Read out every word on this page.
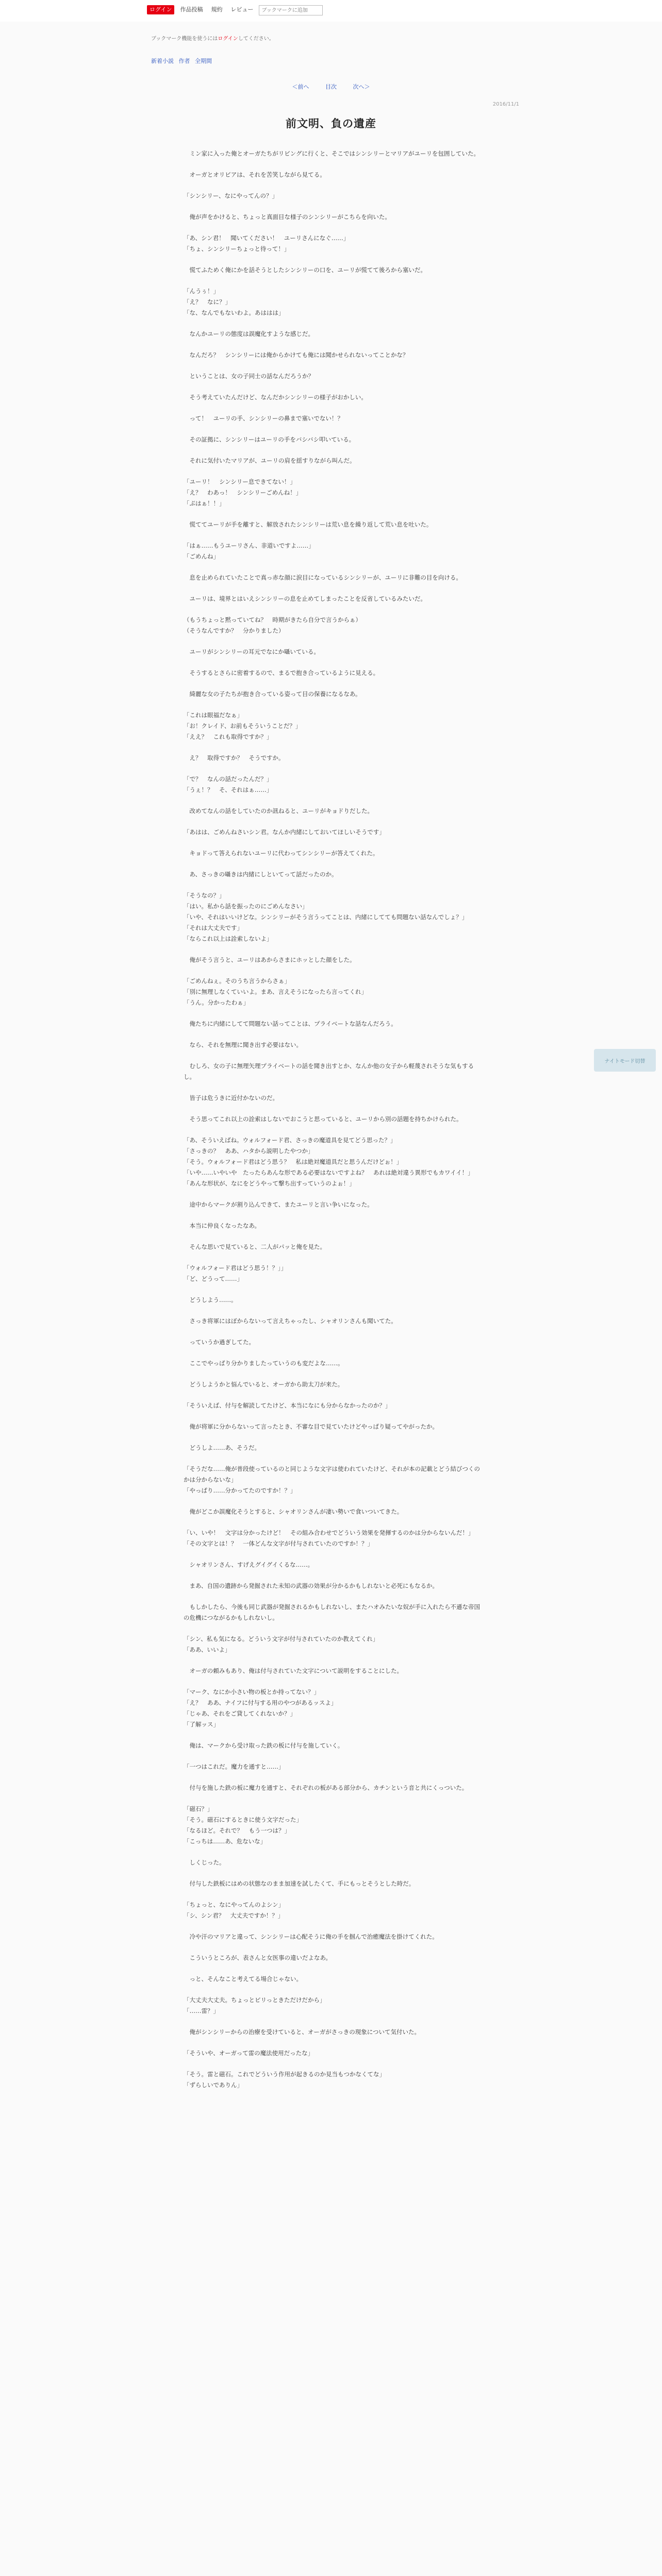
ログイン	作品投稿	規約	レビュー
ブックマークに追加
ブックマーク機能を使うにはログインしてください。
新着小説 作者 全期間
＜前へ	目次	次へ＞
2016/11/1
前文明、負の遺産
　ミン家に入った俺とオーガたちがリビングに行くと、そこではシンシリーとマリアがユーリを包囲していた。
　オーガとオリビアは、それを苦笑しながら見てる。
「シンシリー、なにやってんの？」
　俺が声をかけると、ちょっと真面目な様子のシンシリーがこちらを向いた。
「あ、シン君！　聞いてください！　ユーリさんになぐ……」
「ちょ、シンシリーちょっと待って！」
　慌てふためく俺にかを話そうとしたシンシリーの口を、ユーリが慌てて後ろから塞いだ。
「んうぅ！」
「え？　なに？」
「な、なんでもないわよ。あははは」
　なんかユーリの態度は誤魔化すような感じだ。
　なんだろ？　シンシリーには俺からかけても俺には聞かせられないってことかな？
　ということは、女の子同士の話なんだろうか？
　そう考えていたんだけど、なんだかシンシリーの様子がおかしい。
　って！　ユーリの手、シンシリーの鼻まで塞いでない！？
　その証拠に、シンシリーはユーリの手をバシバシ叩いている。
　それに気付いたマリアが、ユーリの肩を揺すりながら叫んだ。
「ユーリ！　シンシリー息できてない！」
「え？　わあっ！　シンシリーごめんね！」
「ぷはぁ！！」
　慌ててユーリが手を離すと、解放されたシンシリーは荒い息を繰り返して荒い息を吐いた。
「はぁ……もうユーリさん、非道いですよ……」
「ごめんね」
　息を止められていたことで真っ赤な顔に涙目になっているシンシリーが、ユーリに非難の目を向ける。
　ユーリは、境界とはいえシンシリーの息を止めてしまったことを反省しているみたいだ。
（もうちょっと黙っていてね？　時期がきたら自分で言うからぁ）
（そうなんですか？　分かりました）
　ユーリがシンシリーの耳元でなにか囁いている。
　そうするとさらに密着するので、まるで抱き合っているように見える。
　綺麗な女の子たちが抱き合っている姿って目の保養になるなあ。
「これは眼福だなぁ」
「お！クレイド、お前もそういうことだ？」
「ええ？　これも取得ですか？」
　え？　取得ですか？　そうですか。
「で？　なんの話だったんだ？」
「うぇ！？　そ、それはぁ……」
　改めてなんの話をしていたのか訊ねると、ユーリがキョドりだした。
「あはは、ごめんねさいシン君。なんか内緒にしておいてほしいそうです」
　キョドって答えられないユーリに代わってシンシリーが答えてくれた。
　あ、さっきの囁きは内緒にしといてって話だったのか。
「そうなの？」
「はい。私から話を振ったのにごめんなさい」
「いや、それはいいけどな。シンシリーがそう言うってことは、内緒にしてても問題ない話なんでしょ？」
「それは大丈夫です」
「ならこれ以上は詮索しないよ」
　俺がそう言うと、ユーリはあからさまにホッとした顔をした。
「ごめんねぇ。そのうち言うからさぁ」
「別に無理しなくていいよ。まあ、言えそうになったら言ってくれ」
「うん。分かったわぁ」
　俺たちに内緒にしてて問題ない話ってことは、プライベートな話なんだろう。
　なら、それを無理に聞き出す必要はない。
　むしろ、女の子に無理矢理プライベートの話を聞き出すとか、なんか他の女子から軽蔑されそうな気もするし。
　皆子は危うきに近付かないのだ。
　そう思ってこれ以上の詮索はしないでおこうと思っていると、ユーリから別の話題を持ちかけられた。
「あ、そういえばね。ウォルフォード君、さっきの魔道具を見てどう思った？」
「さっきの？　ああ、ハタから説明したやつか」
「そう。ウォルフォード君はどう思う？　私は絶対魔道具だと思うんだけどぉ！」
「いや……いやいや　たったらあんな形である必要はないですよね？　あれは絶対違う異形でもカワイイ！」
「あんな形状が、なにをどうやって撃ち出すっていうのよぉ！」
　途中からマークが割り込んできて、またユーリと言い争いになった。
　本当に仲良くなったなあ。
　そんな思いで見ていると、二人がパッと俺を見た。
「ウォルフォード君はどう思う！？」」
「ど、どうって……」
　どうしよう……。
　さっき将軍にはぼからないって言えちゃったし、シャオリンさんも聞いてた。
　っていうか過ぎしてた。
　ここでやっぱり分かりましたっていうのも変だよな……。
　どうしようかと悩んでいると、オーガから助太刀が来た。
「そういえば、付与を解読してたけど、本当になにも分からなかったのか？」
　俺が将軍に分からないって言ったとき、不審な目で見ていたけどやっぱり疑ってやがったか。
　どうしよ……あ、そうだ。
「そうだな……俺が普段使っているのと同じような文字は使われていたけど、それが本の記載とどう結びつくのかは分からないな」
「やっぱり……分かってたのですか！？」
　俺がどこか誤魔化そうとすると、シャオリンさんが凄い勢いで食いついてきた。
「い、いや！　文字は分かったけど！　その組み合わせでどういう効果を発揮するのかは分からないんだ！」
「その文字とは！？　一体どんな文字が付与されていたのですか！？」
　シャオリンさん、すげえグイグイくるな……。
　まあ、自国の遺跡から発掘された未知の武器の効果が分かるかもしれないと必死にもなるか。
　もしかしたら、今後も同じ武器が発掘されるかもしれないし、またハオみたいな奴が手に入れたら不遜な帝国の危機につながるかもしれないし。
「シン、私も気になる。どういう文字が付与されていたのか教えてくれ」
「ああ、いいよ」
　オーガの頼みもあり、俺は付与されていた文字について説明をすることにした。
「マーク、なにか小さい物の板とか持ってない？」
「え？　ああ、ナイフに付与する用のやつがあるッスよ」
「じゃあ、それをご貸してくれないか？」
「了解ッス」
　俺は、マークから受け取った鉄の板に付与を施していく。
「一つはこれだ。魔力を通すと……」
　付与を施した鉄の板に魔力を通すと、それぞれの板がある部分から、カチンという音と共にくっついた。
「磁石？」
「そう。磁石にするときに使う文字だった」
「なるほど。それで？　もう一つは？」
「こっちは……あ、危ないな」
　しくじった。
　付与した鉄板にはめの状態なのまま加速を試したくて、手にもっとそうとした時だ。
「ちょっと、なにやってんのよシン」
「シ、シン君？　大丈夫ですか！？」
　冷や汗のマリアと違って、シンシリーは心配そうに俺の手を掴んで治癒魔法を掛けてくれた。
　こういうところが、表さんと女医事の違いだよなあ。
　っと、そんなこと考えてる場合じゃない。
「大丈夫大丈夫。ちょっとビリっときただけだから」
「……雷？」
　俺がシンシリーからの治療を受けていると、オーガがさっきの現象について気付いた。
「そういや、オーガって雷の魔法使用だったな」
「そう。雷と磁石。これでどういう作用が起きるのか見当もつかなくてな」
「ずらしいでありん」
ナイトモード切替
